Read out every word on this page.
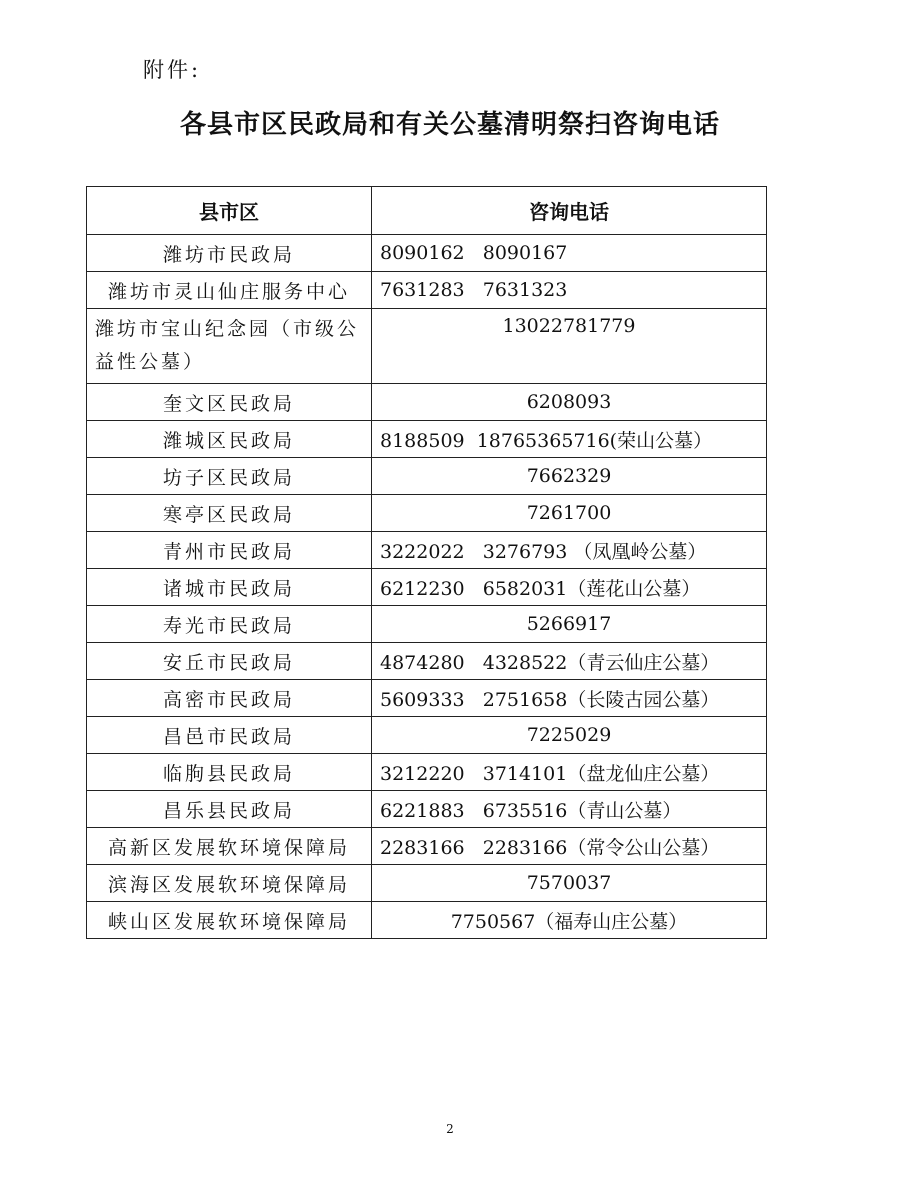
附件:
各县市区民政局和有关公墓清明祭扫咨询电话
县市区	咨询电话
潍坊市民政局	8090162   8090167
潍坊市灵山仙庄服务中心	7631283   7631323
潍坊市宝山纪念园（市级公益性公墓）	13022781779
奎文区民政局	6208093
潍城区民政局	8188509  18765365716(荣山公墓）
坊子区民政局	7662329
寒亭区民政局	7261700
青州市民政局	3222022   3276793 （凤凰岭公墓）
诸城市民政局	6212230   6582031（莲花山公墓）
寿光市民政局	5266917
安丘市民政局	4874280   4328522（青云仙庄公墓）
高密市民政局	5609333   2751658（长陵古园公墓）
昌邑市民政局	7225029
临朐县民政局	3212220   3714101（盘龙仙庄公墓）
昌乐县民政局	6221883   6735516（青山公墓）
高新区发展软环境保障局	2283166   2283166（常令公山公墓）
滨海区发展软环境保障局	7570037
峡山区发展软环境保障局	7750567（福寿山庄公墓）
2
